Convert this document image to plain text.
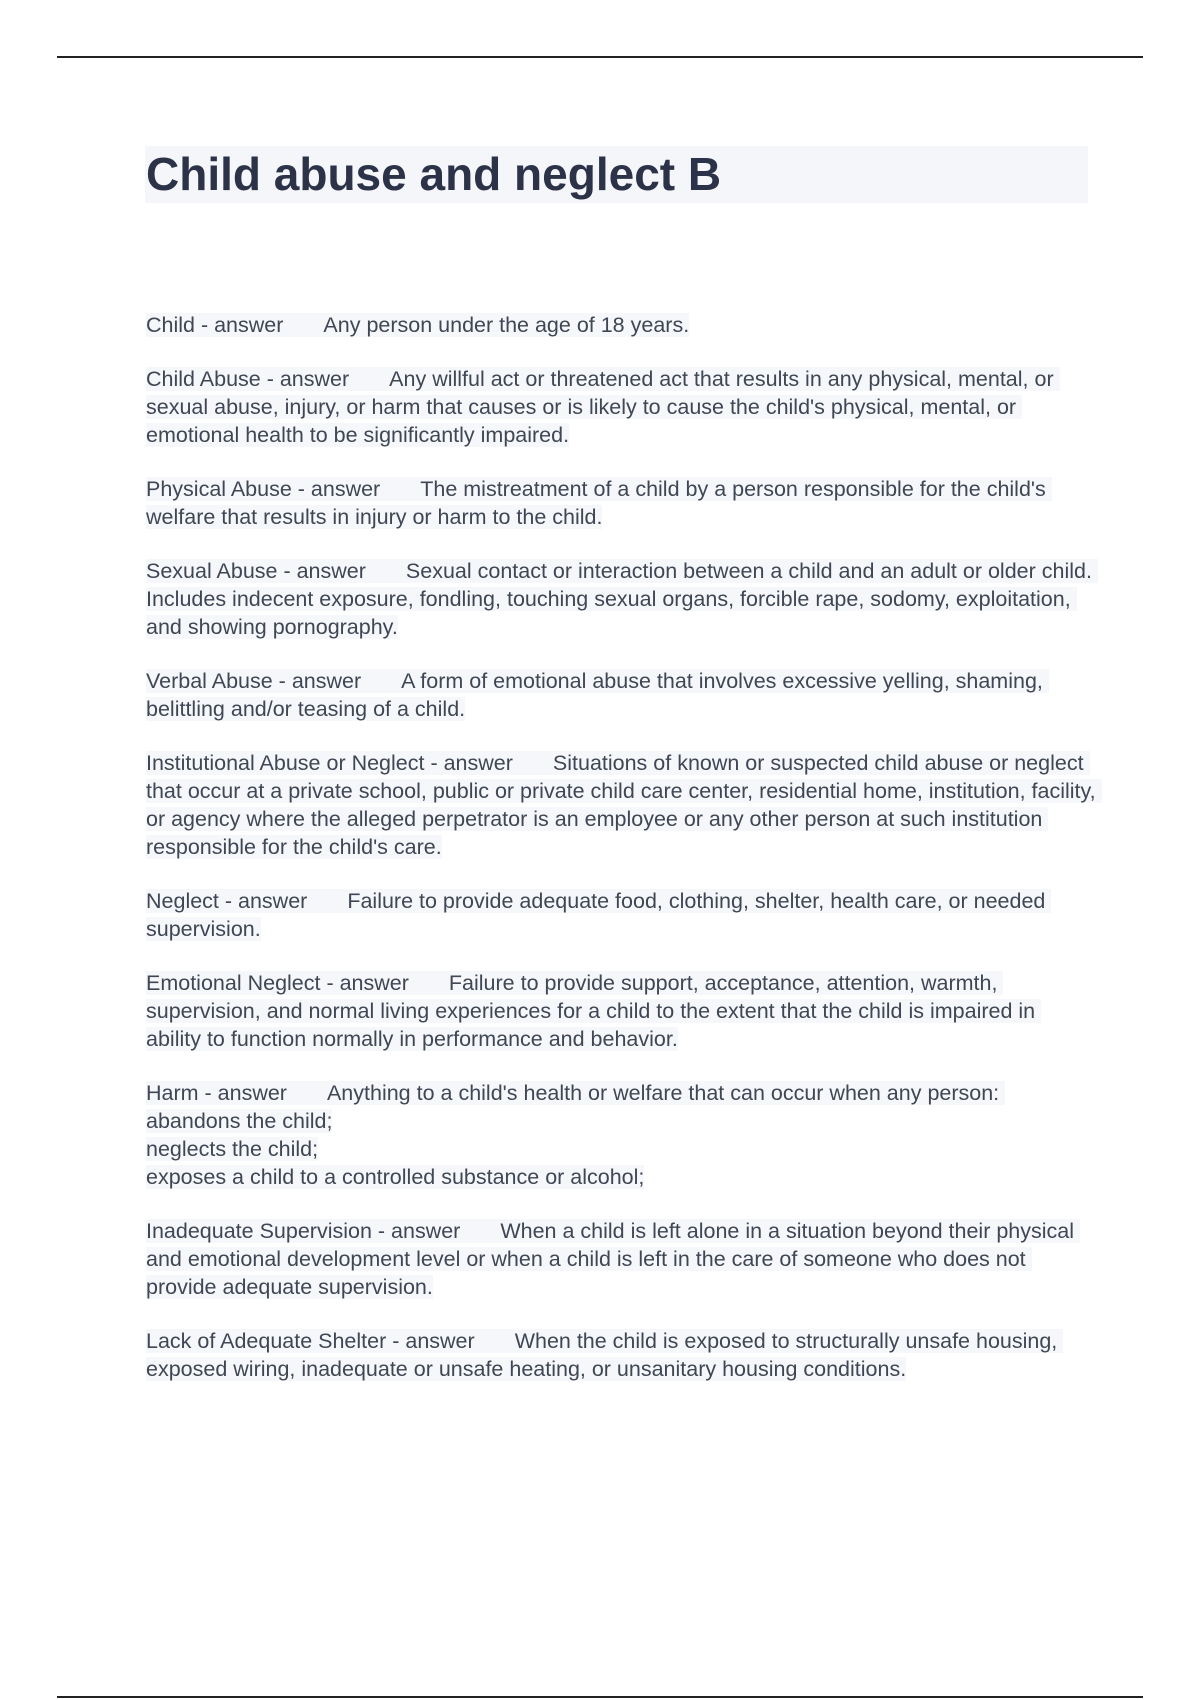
Child abuse and neglect B

Child - answer Any person under the age of 18 years.

Child Abuse - answer Any willful act or threatened act that results in any physical, mental, or sexual abuse, injury, or harm that causes or is likely to cause the child's physical, mental, or emotional health to be significantly impaired.

Physical Abuse - answer The mistreatment of a child by a person responsible for the child's welfare that results in injury or harm to the child.

Sexual Abuse - answer Sexual contact or interaction between a child and an adult or older child. Includes indecent exposure, fondling, touching sexual organs, forcible rape, sodomy, exploitation, and showing pornography.

Verbal Abuse - answer A form of emotional abuse that involves excessive yelling, shaming, belittling and/or teasing of a child.

Institutional Abuse or Neglect - answer Situations of known or suspected child abuse or neglect that occur at a private school, public or private child care center, residential home, institution, facility, or agency where the alleged perpetrator is an employee or any other person at such institution responsible for the child's care.

Neglect - answer Failure to provide adequate food, clothing, shelter, health care, or needed supervision.

Emotional Neglect - answer Failure to provide support, acceptance, attention, warmth, supervision, and normal living experiences for a child to the extent that the child is impaired in ability to function normally in performance and behavior.

Harm - answer Anything to a child's health or welfare that can occur when any person: abandons the child;
neglects the child;
exposes a child to a controlled substance or alcohol;

Inadequate Supervision - answer When a child is left alone in a situation beyond their physical and emotional development level or when a child is left in the care of someone who does not provide adequate supervision.

Lack of Adequate Shelter - answer When the child is exposed to structurally unsafe housing, exposed wiring, inadequate or unsafe heating, or unsanitary housing conditions.
